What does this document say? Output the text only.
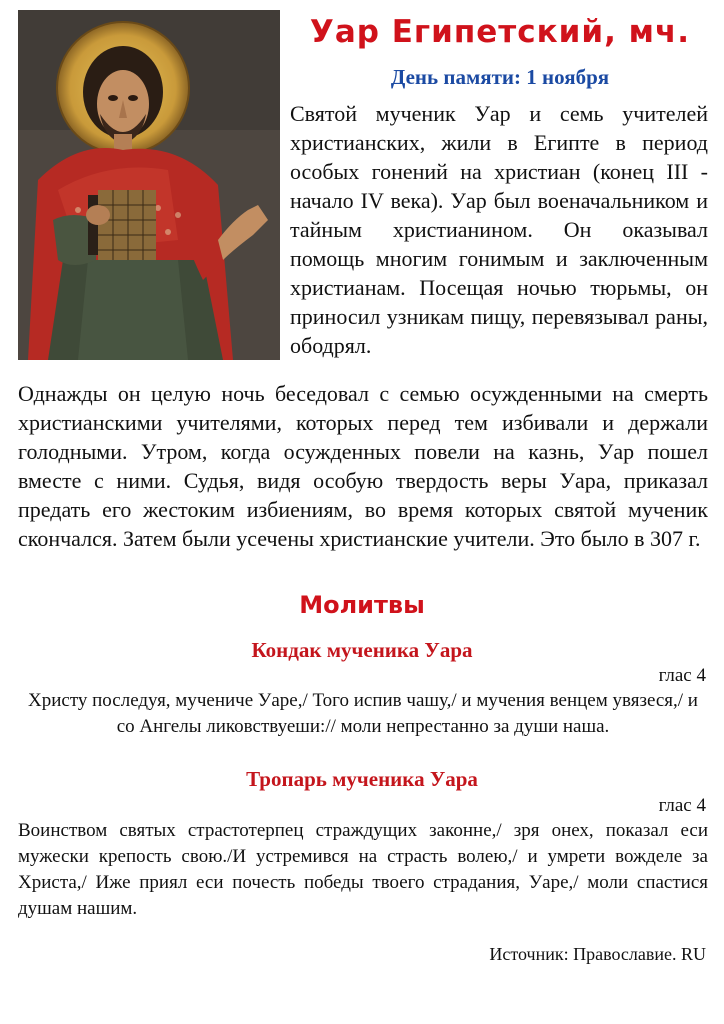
Уар Египетский, мч.
День памяти: 1 ноября

Святой мученик Уар и семь учителей христианских, жили в Египте в период особых гонений на христиан (конец III - начало IV века). Уар был военачальником и тайным христианином. Он оказывал помощь многим гонимым и заключенным христианам. Посещая ночью тюрьмы, он приносил узникам пищу, перевязывал раны, ободрял.

Однажды он целую ночь беседовал с семью осужденными на смерть христианскими учителями, которых перед тем избивали и держали голодными. Утром, когда осужденных повели на казнь, Уар пошел вместе с ними. Судья, видя особую твердость веры Уара, приказал предать его жестоким избиениям, во время которых святой мученик скончался. Затем были усечены христианские учители. Это было в 307 г.

Молитвы
Кондак мученика Уара
глас 4

Христу последуя, мучениче Уаре,/ Того испив чашу,/ и мучения венцем увязеся,/ и со Ангелы ликовствуеши:// моли непрестанно за души наша.

Тропарь мученика Уара
глас 4

Воинством святых страстотерпец страждущих законне,/ зря онех, показал еси мужески крепость свою./И устремився на страсть волею,/ и умрети вожделе за Христа,/ Иже приял еси почесть победы твоего страдания, Уаре,/ моли спастися душам нашим.

Источник: Православие. RU
